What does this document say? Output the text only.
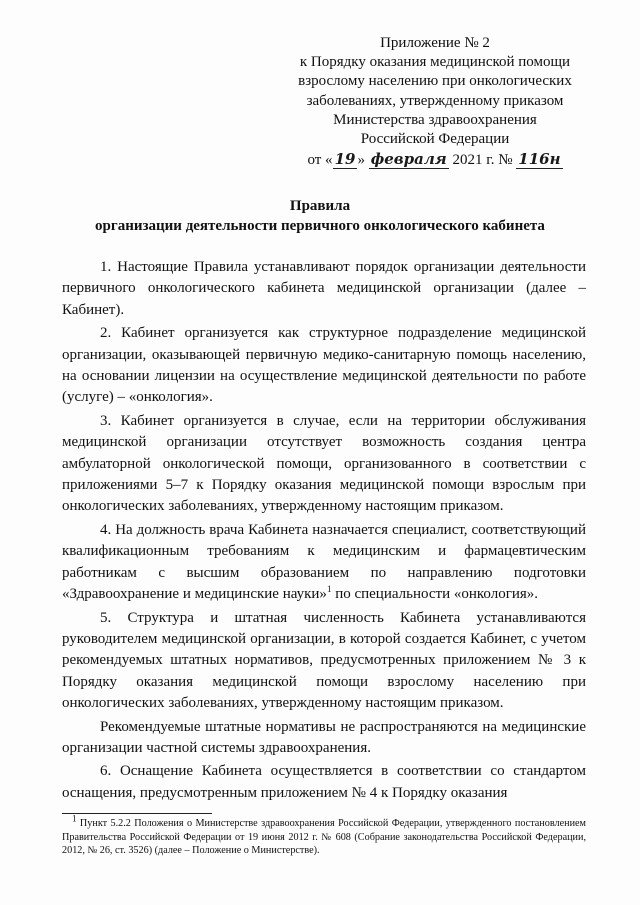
Приложение № 2
к Порядку оказания медицинской помощи
взрослому населению при онкологических
заболеваниях, утвержденному приказом
Министерства здравоохранения
Российской Федерации
от « 19 » февраля 2021 г. № 116н
Правила
организации деятельности первичного онкологического кабинета

1. Настоящие Правила устанавливают порядок организации деятельности первичного онкологического кабинета медицинской организации (далее – Кабинет).

2. Кабинет организуется как структурное подразделение медицинской организации, оказывающей первичную медико-санитарную помощь населению, на основании лицензии на осуществление медицинской деятельности по работе (услуге) – «онкология».

3. Кабинет организуется в случае, если на территории обслуживания медицинской организации отсутствует возможность создания центра амбулаторной онкологической помощи, организованного в соответствии с приложениями 5–7 к Порядку оказания медицинской помощи взрослым при онкологических заболеваниях, утвержденному настоящим приказом.

4. На должность врача Кабинета назначается специалист, соответствующий квалификационным требованиям к медицинским и фармацевтическим работникам с высшим образованием по направлению подготовки «Здравоохранение и медицинские науки»$^1$ по специальности «онкология».

5. Структура и штатная численность Кабинета устанавливаются руководителем медицинской организации, в которой создается Кабинет, с учетом рекомендуемых штатных нормативов, предусмотренных приложением № 3 к Порядку оказания медицинской помощи взрослому населению при онкологических заболеваниях, утвержденному настоящим приказом.

Рекомендуемые штатные нормативы не распространяются на медицинские организации частной системы здравоохранения.

6. Оснащение Кабинета осуществляется в соответствии со стандартом оснащения, предусмотренным приложением № 4 к Порядку оказания

$^1$ Пункт 5.2.2 Положения о Министерстве здравоохранения Российской Федерации, утвержденного постановлением Правительства Российской Федерации от 19 июня 2012 г. № 608 (Собрание законодательства Российской Федерации, 2012, № 26, ст. 3526) (далее – Положение о Министерстве).
